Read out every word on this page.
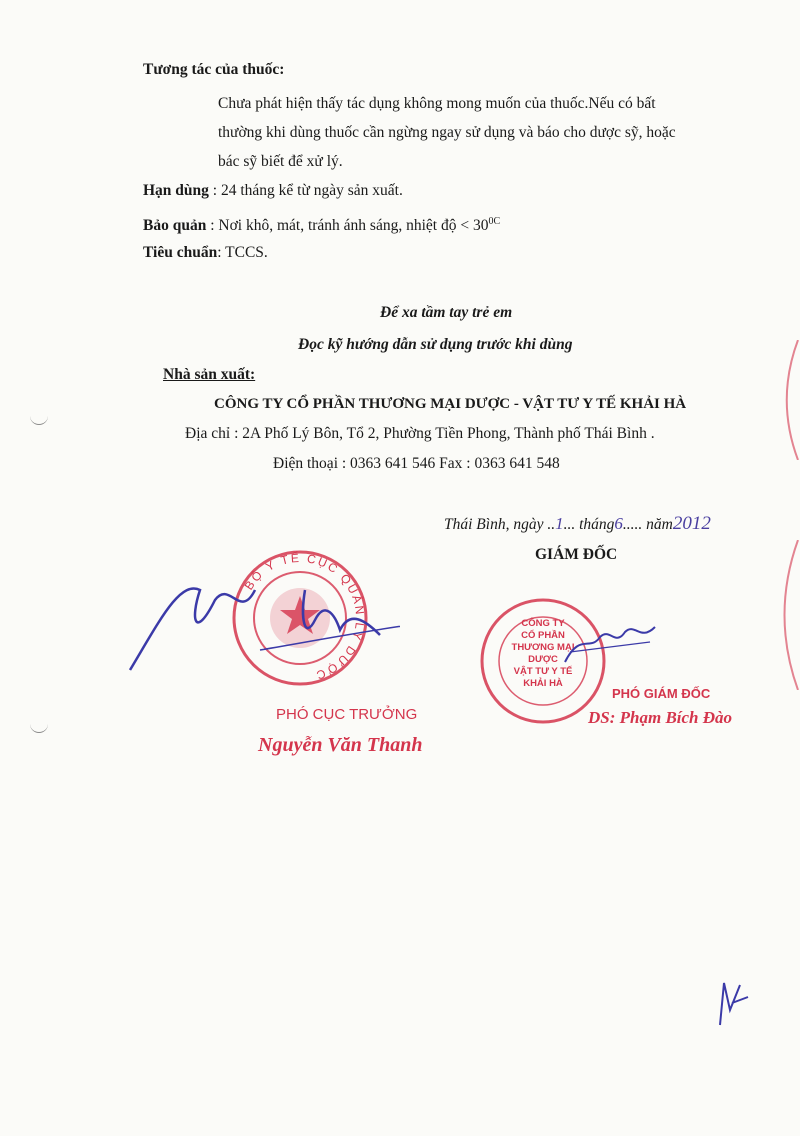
Tương tác của thuốc:
Chưa phát hiện thấy tác dụng không mong muốn của thuốc.Nếu có bất
thường khi dùng thuốc cần ngừng ngay sử dụng và báo cho dược sỹ, hoặc
bác sỹ biết để xử lý.
Hạn dùng : 24 tháng kể từ ngày sản xuất.
Bảo quản : Nơi khô, mát, tránh ánh sáng, nhiệt độ < $30^{0C}$
Tiêu chuẩn: TCCS.
Để xa tầm tay trẻ em
Đọc kỹ hướng dẫn sử dụng trước khi dùng
Nhà sản xuất:
CÔNG TY CỔ PHẦN THƯƠNG MẠI DƯỢC - VẬT TƯ Y TẾ KHẢI HÀ
Địa chỉ : 2A Phố Lý Bôn, Tổ 2, Phường Tiền Phong, Thành phố Thái Bình .
Điện thoại : 0363 641 546 Fax : 0363 641 548
Thái Bình, ngày ..1... tháng6..... năm2012
GIÁM ĐỐC
BỘ Y TẾ CỤC QUẢN LÝ DƯỢC
PHÓ CỤC TRƯỞNG
Nguyễn Văn Thanh
CÔNG TY
CỔ PHẦN
THƯƠNG MẠI
DƯỢC
VẬT TƯ Y TẾ
KHẢI HÀ
PHÓ GIÁM ĐỐC
DS: Phạm Bích Đào
